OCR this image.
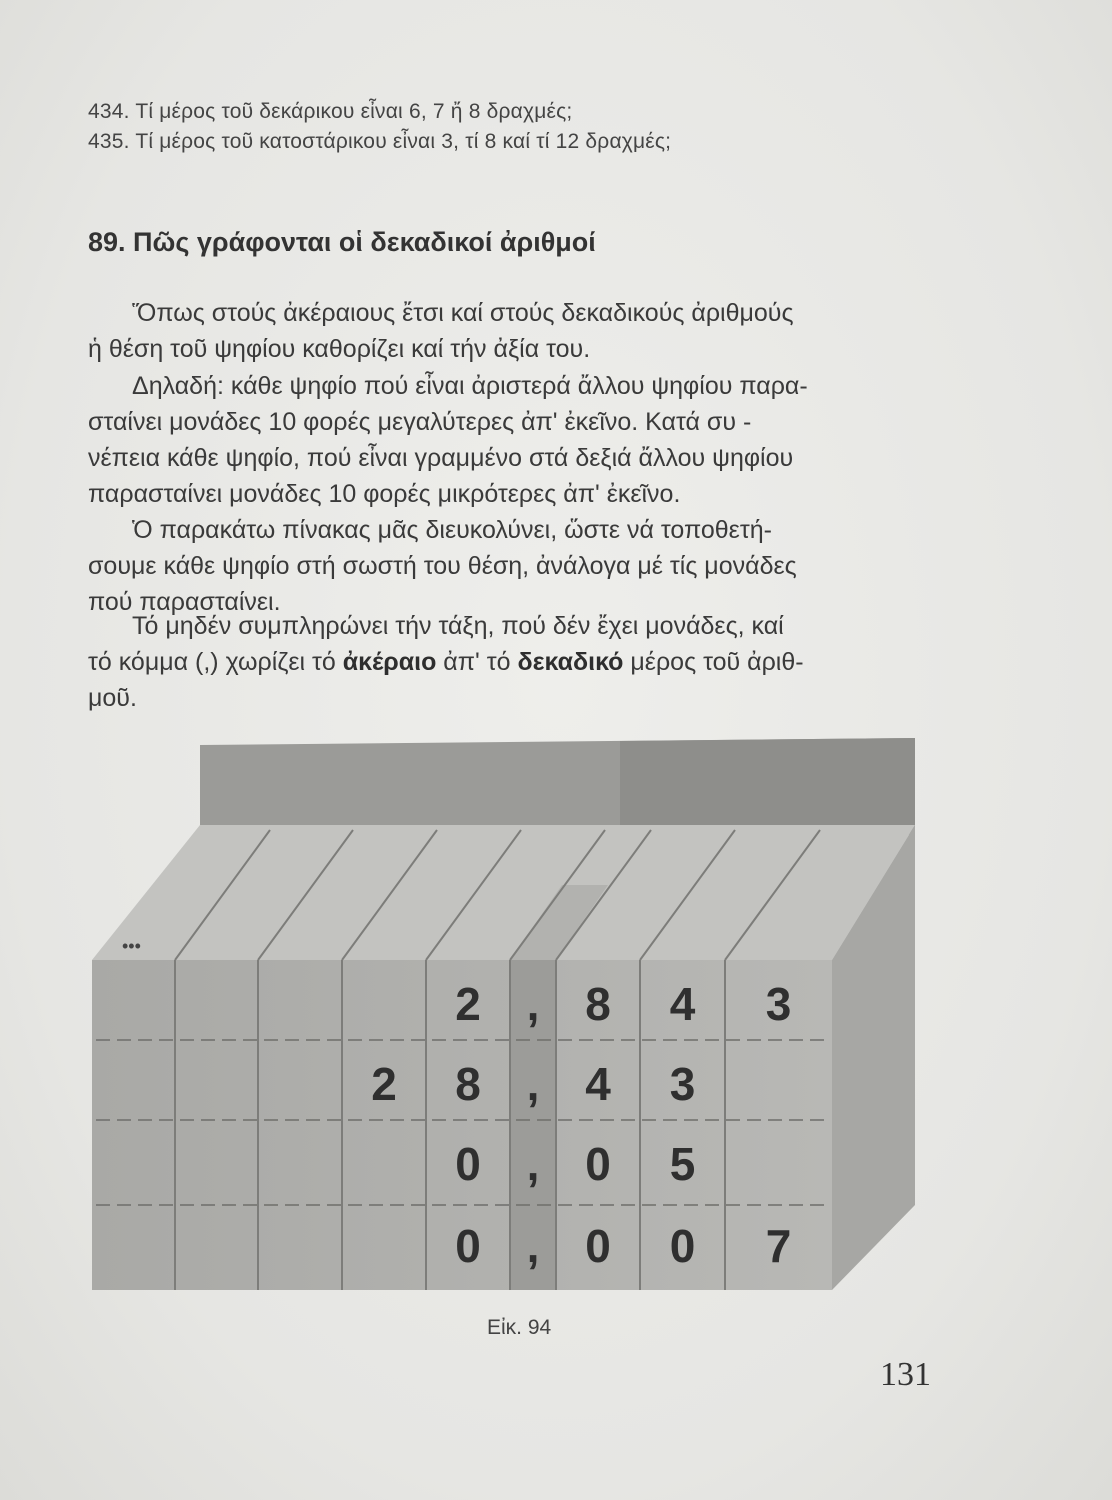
434. Τί μέρος τοῦ δεκάρικου εἶναι 6, 7 ἤ 8 δραχμές;
435. Τί μέρος τοῦ κατοστάρικου εἶναι 3, τί 8 καί τί 12 δραχμές;
89. Πῶς γράφονται οἱ δεκαδικοί ἀριθμοί
Ὅπως στούς ἀκέραιους ἔτσι καί στούς δεκαδικούς ἀριθμούς
ἡ θέση τοῦ ψηφίου καθορίζει καί τήν ἀξία του.
Δηλαδή: κάθε ψηφίο πού εἶναι ἀριστερά ἄλλου ψηφίου παρα-
σταίνει μονάδες 10 φορές μεγαλύτερες ἀπ' ἐκεῖνο. Κατά συ -
νέπεια κάθε ψηφίο, πού εἶναι γραμμένο στά δεξιά ἄλλου ψηφίου
παρασταίνει μονάδες 10 φορές μικρότερες ἀπ' ἐκεῖνο.
Ὁ παρακάτω πίνακας μᾶς διευκολύνει, ὥστε νά τοποθετή-
σουμε κάθε ψηφίο στή σωστή του θέση, ἀνάλογα μέ τίς μονάδες
πού παρασταίνει.
Τό μηδέν συμπληρώνει τήν τάξη, πού δέν ἔχει μονάδες, καί
τό κόμμα (,) χωρίζει τό ἀκέραιο ἀπ' τό δεκαδικό μέρος τοῦ ἀριθ-
μοῦ.
•••
2 , 8 4 3
2 8 , 4 3
0 , 0 5
0 , 0 0 7
Εἰκ. 94
131
